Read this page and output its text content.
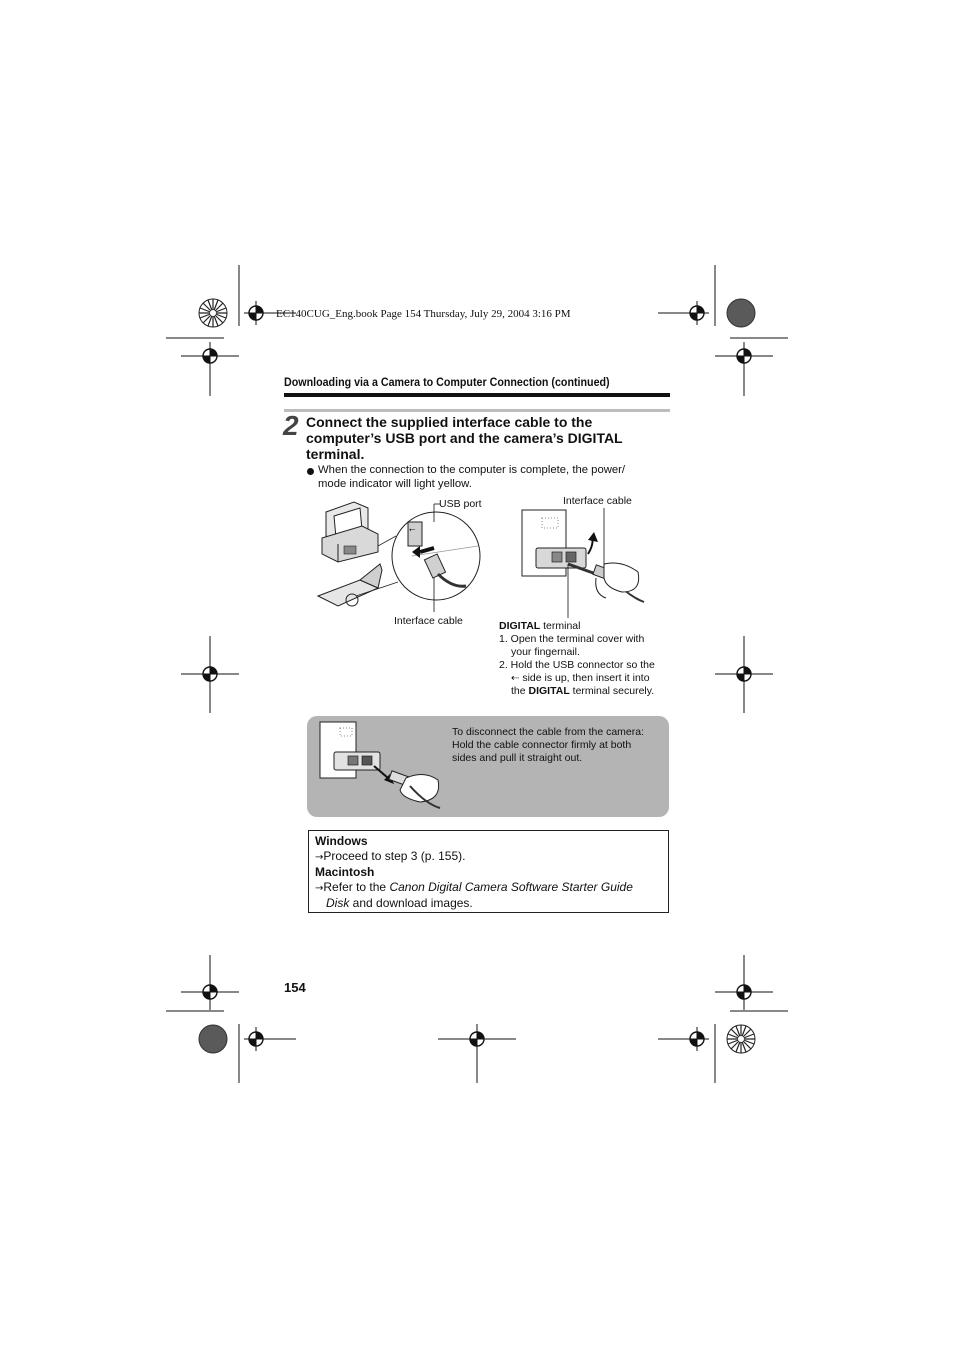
EC140CUG_Eng.book Page 154 Thursday, July 29, 2004 3:16 PM
Downloading via a Camera to Computer Connection (continued)
2 Connect the supplied interface cable to the
computer’s USB port and the camera’s DIGITAL
terminal.
When the connection to the computer is complete, the power/
mode indicator will light yellow.
⭠
USB port
Interface cable
Interface cable
DIGITAL terminal
1. Open the terminal cover with
your fingernail.
2. Hold the USB connector so the
⇠ side is up, then insert it into
the DIGITAL terminal securely.
To disconnect the cable from the camera:
Hold the cable connector firmly at both
sides and pull it straight out.
Windows
→Proceed to step 3 (p. 155).
Macintosh
→Refer to the Canon Digital Camera Software Starter Guide
Disk and download images.
154
